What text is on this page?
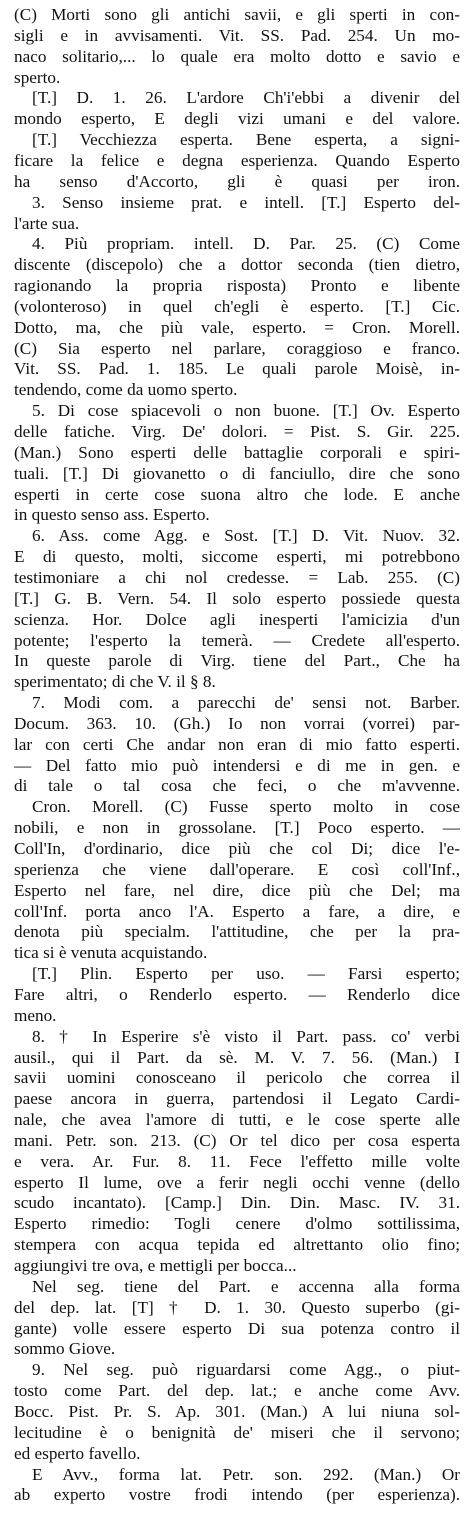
(C) Morti sono gli antichi savii, e gli sperti in con-
sigli e in avvisamenti. Vit. SS. Pad. 254. Un mo-
naco solitario,... lo quale era molto dotto e savio e
sperto.
[T.] D. 1. 26. L'ardore Ch'i'ebbi a divenir del
mondo esperto, E degli vizi umani e del valore.
[T.] Vecchiezza esperta. Bene esperta, a signi-
ficare la felice e degna esperienza. Quando Esperto
ha senso d'Accorto, gli è quasi per iron.
3. Senso insieme prat. e intell. [T.] Esperto del-
l'arte sua.
4. Più propriam. intell. D. Par. 25. (C) Come
discente (discepolo) che a dottor seconda (tien dietro,
ragionando la propria risposta) Pronto e libente
(volonteroso) in quel ch'egli è esperto. [T.] Cic.
Dotto, ma, che più vale, esperto. = Cron. Morell.
(C) Sia esperto nel parlare, coraggioso e franco.
Vit. SS. Pad. 1. 185. Le quali parole Moisè, in-
tendendo, come da uomo sperto.
5. Di cose spiacevoli o non buone. [T.] Ov. Esperto
delle fatiche. Virg. De' dolori. = Pist. S. Gir. 225.
(Man.) Sono esperti delle battaglie corporali e spiri-
tuali. [T.] Di giovanetto o di fanciullo, dire che sono
esperti in certe cose suona altro che lode. E anche
in questo senso ass. Esperto.
6. Ass. come Agg. e Sost. [T.] D. Vit. Nuov. 32.
E di questo, molti, siccome esperti, mi potrebbono
testimoniare a chi nol credesse. = Lab. 255. (C)
[T.] G. B. Vern. 54. Il solo esperto possiede questa
scienza. Hor. Dolce agli inesperti l'amicizia d'un
potente; l'esperto la temerà. — Credete all'esperto.
In queste parole di Virg. tiene del Part., Che ha
sperimentato; di che V. il § 8.
7. Modi com. a parecchi de' sensi not. Barber.
Docum. 363. 10. (Gh.) Io non vorrai (vorrei) par-
lar con certi Che andar non eran di mio fatto esperti.
— Del fatto mio può intendersi e di me in gen. e
di tale o tal cosa che feci, o che m'avvenne.
Cron. Morell. (C) Fusse sperto molto in cose
nobili, e non in grossolane. [T.] Poco esperto. —
Coll'In, d'ordinario, dice più che col Di; dice l'e-
sperienza che viene dall'operare. E così coll'Inf.,
Esperto nel fare, nel dire, dice più che Del; ma
coll'Inf. porta anco l'A. Esperto a fare, a dire, e
denota più specialm. l'attitudine, che per la pra-
tica si è venuta acquistando.
[T.] Plin. Esperto per uso. — Farsi esperto;
Fare altri, o Renderlo esperto. — Renderlo dice
meno.
8. † In Esperire s'è visto il Part. pass. co' verbi
ausil., qui il Part. da sè. M. V. 7. 56. (Man.) I
savii uomini conosceano il pericolo che correa il
paese ancora in guerra, partendosi il Legato Cardi-
nale, che avea l'amore di tutti, e le cose sperte alle
mani. Petr. son. 213. (C) Or tel dico per cosa esperta
e vera. Ar. Fur. 8. 11. Fece l'effetto mille volte
esperto Il lume, ove a ferir negli occhi venne (dello
scudo incantato). [Camp.] Din. Din. Masc. IV. 31.
Esperto rimedio: Togli cenere d'olmo sottilissima,
stempera con acqua tepida ed altrettanto olio fino;
aggiungivi tre ova, e mettigli per bocca...
Nel seg. tiene del Part. e accenna alla forma
del dep. lat. [T] † D. 1. 30. Questo superbo (gi-
gante) volle essere esperto Di sua potenza contro il
sommo Giove.
9. Nel seg. può riguardarsi come Agg., o piut-
tosto come Part. del dep. lat.; e anche come Avv.
Bocc. Pist. Pr. S. Ap. 301. (Man.) A lui niuna sol-
lecitudine è o benignità de' miseri che il servono;
ed esperto favello.
E Avv., forma lat. Petr. son. 292. (Man.) Or
ab experto vostre frodi intendo (per esperienza).
